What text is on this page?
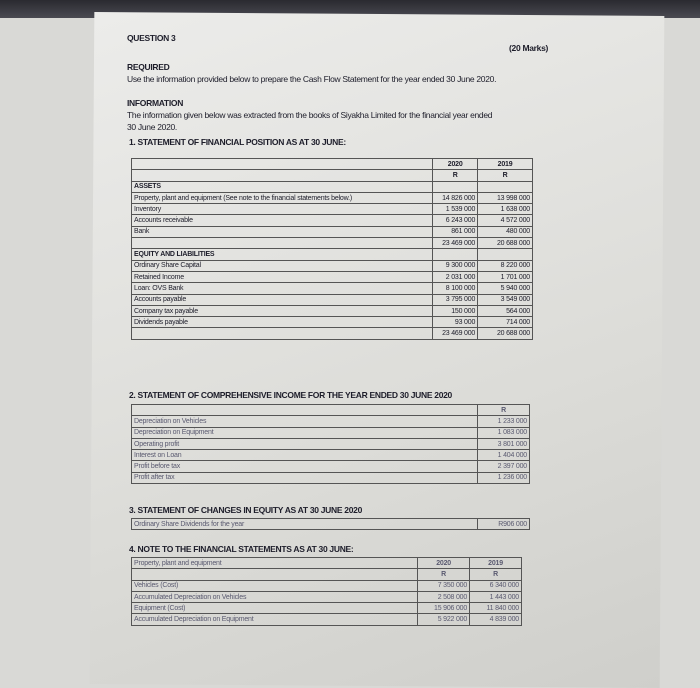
QUESTION 3
(20 Marks)
REQUIRED
Use the information provided below to prepare the Cash Flow Statement for the year ended 30 June 2020.
INFORMATION
The information given below was extracted from the books of Siyakha Limited for the financial year ended
30 June 2020.
1. STATEMENT OF FINANCIAL POSITION AS AT 30 JUNE:
	2020	2019
	R	R
ASSETS		
Property, plant and equipment (See note to the financial statements below.)	14 826 000	13 998 000
Inventory	1 539 000	1 638 000
Accounts receivable	6 243 000	4 572 000
Bank	861 000	480 000
	23 469 000	20 688 000
EQUITY AND LIABILITIES		
Ordinary Share Capital	9 300 000	8 220 000
Retained Income	2 031 000	1 701 000
Loan: OVS Bank	8 100 000	5 940 000
Accounts payable	3 795 000	3 549 000
Company tax payable	150 000	564 000
Dividends payable	93 000	714 000
	23 469 000	20 688 000
2. STATEMENT OF COMPREHENSIVE INCOME FOR THE YEAR ENDED 30 JUNE 2020
	R
Depreciation on Vehicles	1 233 000
Depreciation on Equipment	1 083 000
Operating profit	3 801 000
Interest on Loan	1 404 000
Profit before tax	2 397 000
Profit after tax	1 236 000
3. STATEMENT OF CHANGES IN EQUITY AS AT 30 JUNE 2020
Ordinary Share Dividends for the year	R906 000
4. NOTE TO THE FINANCIAL STATEMENTS AS AT 30 JUNE:
Property, plant and equipment	2020	2019
	R	R
Vehicles (Cost)	7 350 000	6 340 000
Accumulated Depreciation on Vehicles	2 508 000	1 443 000
Equipment (Cost)	15 906 000	11 840 000
Accumulated Depreciation on Equipment	5 922 000	4 839 000
